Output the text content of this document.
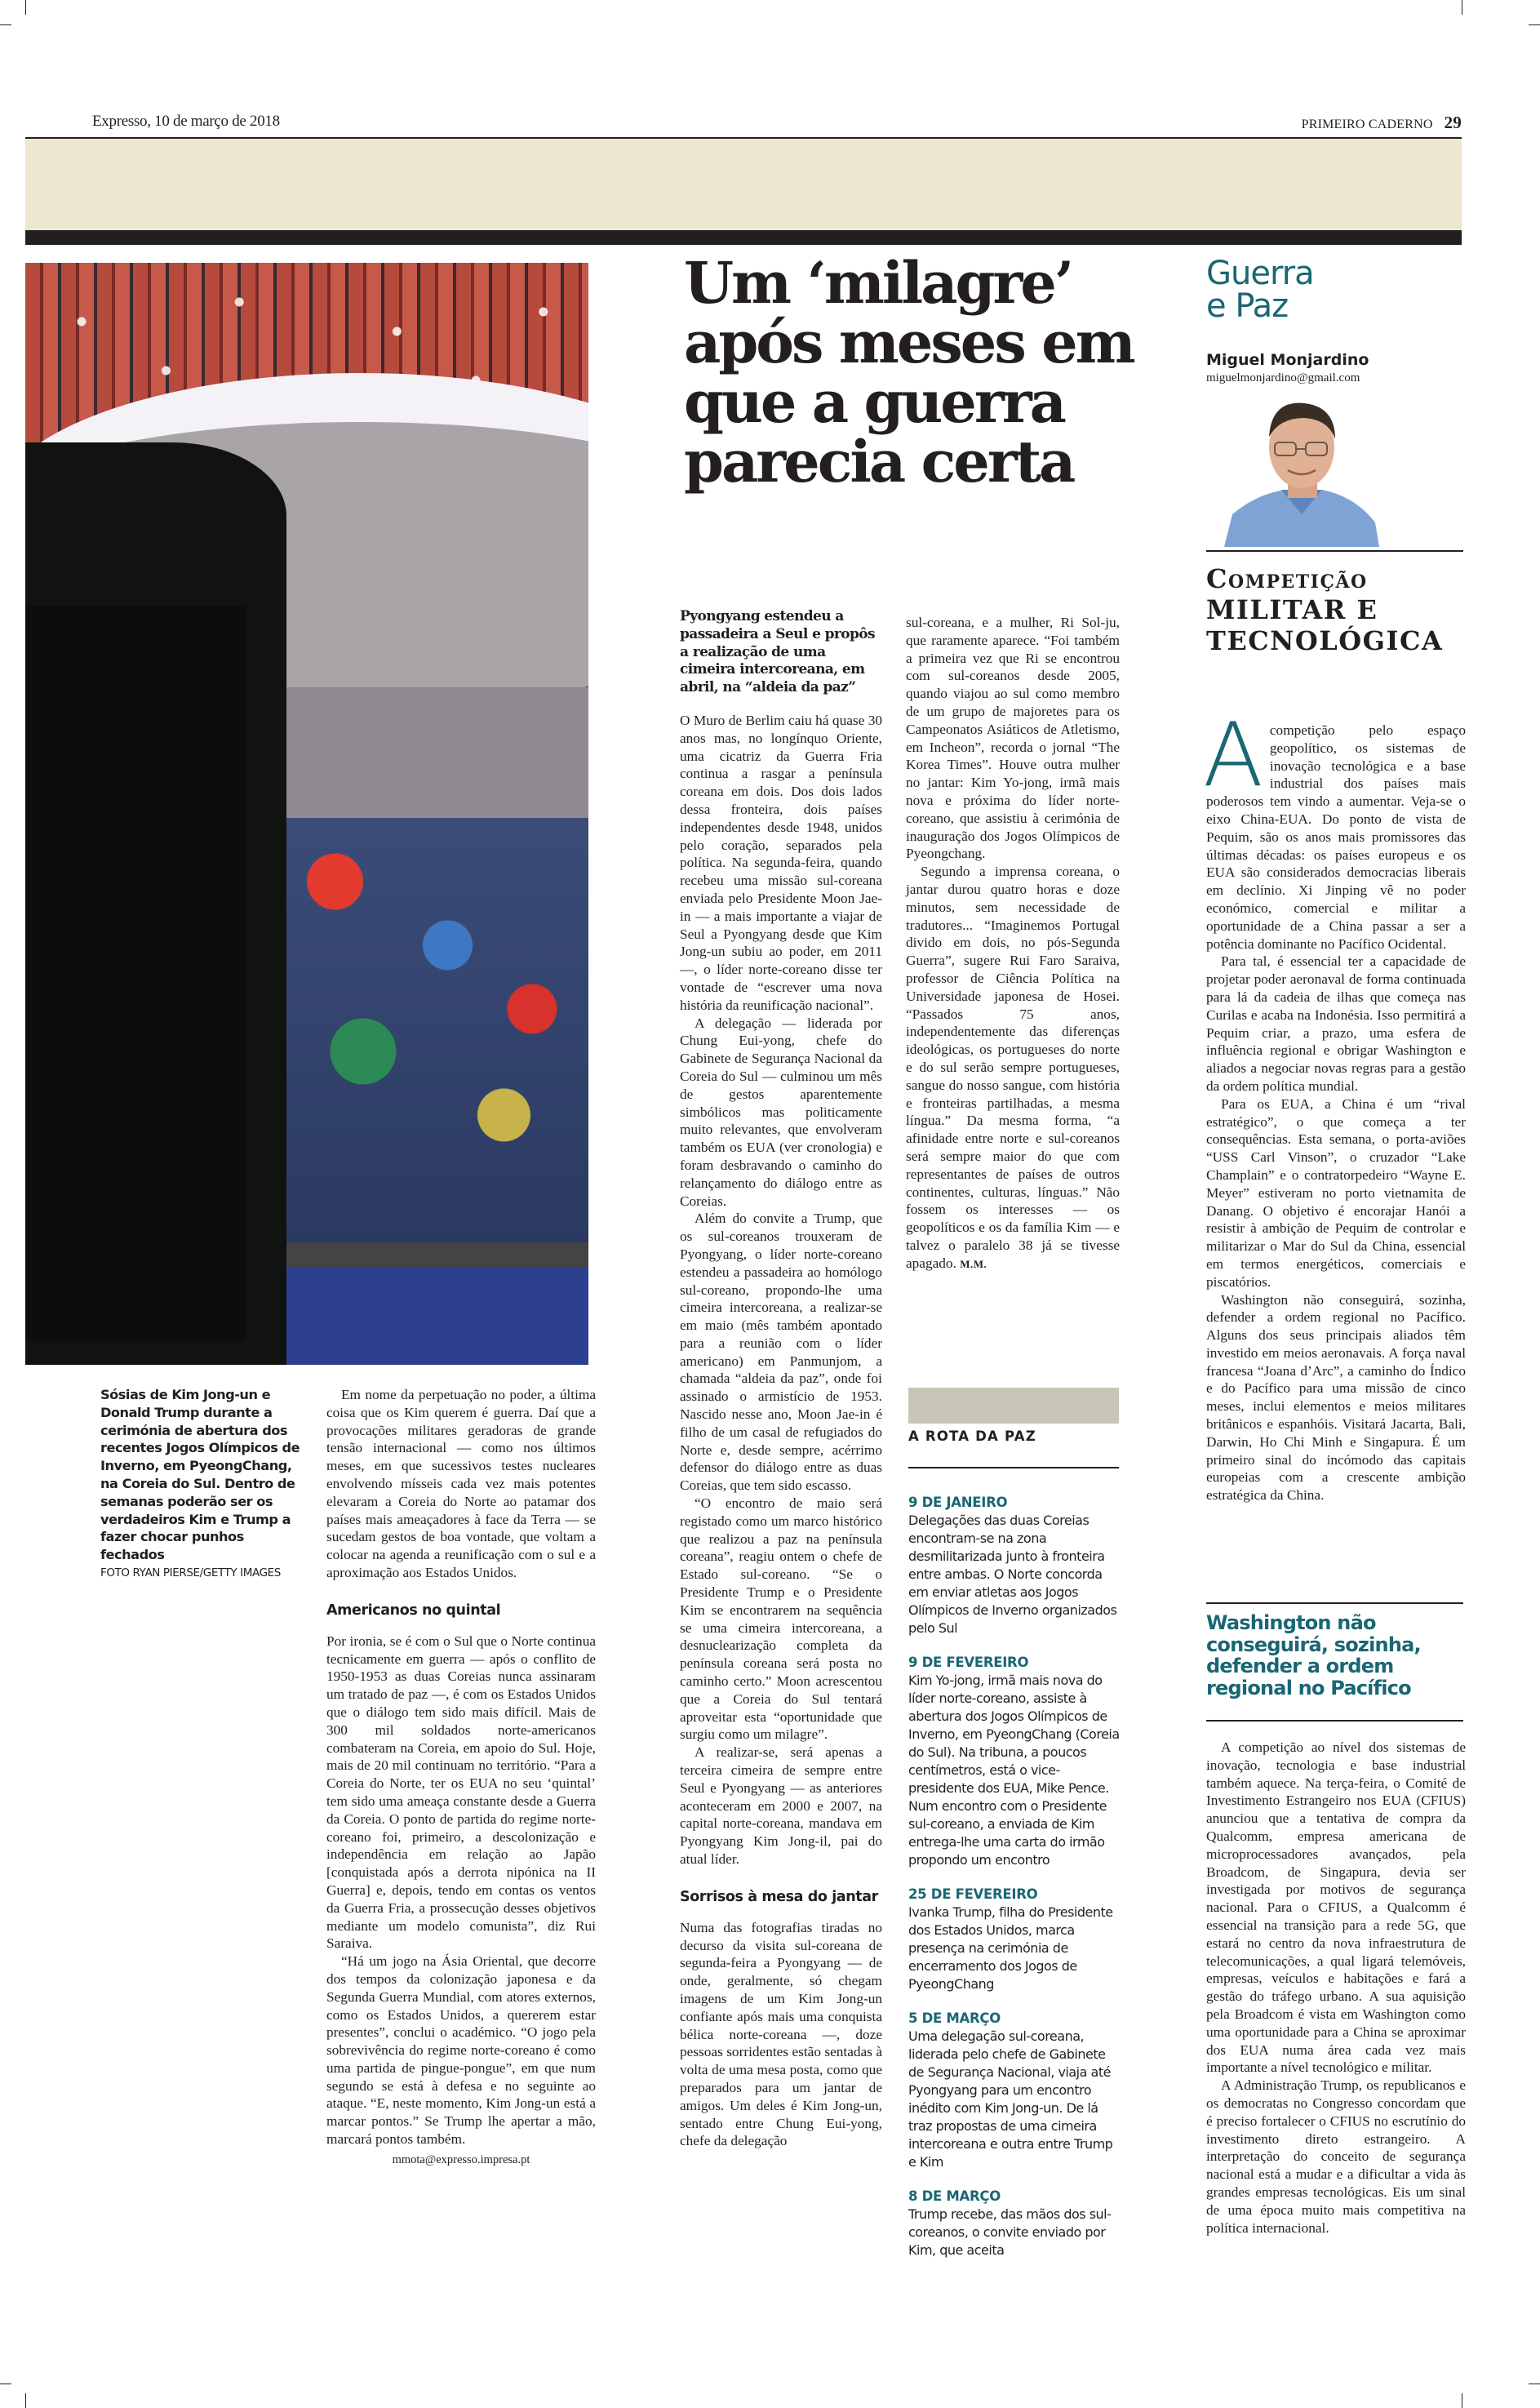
Expresso, 10 de março de 2018	PRIMEIRO CADERNO 29
Sósias de Kim Jong-un e Donald Trump durante a cerimónia de abertura dos recentes Jogos Olímpicos de Inverno, em PyeongChang, na Coreia do Sul. Dentro de semanas poderão ser os verdadeiros Kim e Trump a fazer chocar punhos fechados
FOTO RYAN PIERSE/GETTY IMAGES

Em nome da perpetuação no poder, a última coisa que os Kim querem é guerra. Daí que a provocações militares geradoras de grande tensão internacional — como nos últimos meses, em que sucessivos testes nucleares envolvendo mísseis cada vez mais potentes elevaram a Coreia do Norte ao patamar dos países mais ameaçadores à face da Terra — se sucedam gestos de boa vontade, que voltam a colocar na agenda a reunificação com o sul e a aproximação aos Estados Unidos.

Americanos no quintal

Por ironia, se é com o Sul que o Norte continua tecnicamente em guerra — após o conflito de 1950-1953 as duas Coreias nunca assinaram um tratado de paz —, é com os Estados Unidos que o diálogo tem sido mais difícil. Mais de 300 mil soldados norte-americanos combateram na Coreia, em apoio do Sul. Hoje, mais de 20 mil continuam no território. “Para a Coreia do Norte, ter os EUA no seu ‘quintal’ tem sido uma ameaça constante desde a Guerra da Coreia. O ponto de partida do regime norte-coreano foi, primeiro, a descolonização e independência em relação ao Japão [conquistada após a derrota nipónica na II Guerra] e, depois, tendo em contas os ventos da Guerra Fria, a prossecução desses objetivos mediante um modelo comunista”, diz Rui Saraiva.

“Há um jogo na Ásia Oriental, que decorre dos tempos da colonização japonesa e da Segunda Guerra Mundial, com atores externos, como os Estados Unidos, a quererem estar presentes”, conclui o académico. “O jogo pela sobrevivência do regime norte-coreano é como uma partida de pingue-pongue”, em que num segundo se está à defesa e no seguinte ao ataque. “E, neste momento, Kim Jong-un está a marcar pontos.” Se Trump lhe apertar a mão, marcará pontos também.

mmota@expresso.impresa.pt
Um ‘milagre’ após meses em que a guerra parecia certa
Pyongyang estendeu a passadeira a Seul e propôs a realização de uma cimeira intercoreana, em abril, na “aldeia da paz”

O Muro de Berlim caiu há quase 30 anos mas, no longínquo Oriente, uma cicatriz da Guerra Fria continua a rasgar a península coreana em dois. Dos dois lados dessa fronteira, dois países independentes desde 1948, unidos pelo coração, separados pela política. Na segunda-feira, quando recebeu uma missão sul-coreana enviada pelo Presidente Moon Jae-in — a mais importante a viajar de Seul a Pyongyang desde que Kim Jong-un subiu ao poder, em 2011 —, o líder norte-coreano disse ter vontade de “escrever uma nova história da reunificação nacional”.

A delegação — liderada por Chung Eui-yong, chefe do Gabinete de Segurança Nacional da Coreia do Sul — culminou um mês de gestos aparentemente simbólicos mas politicamente muito relevantes, que envolveram também os EUA (ver cronologia) e foram desbravando o caminho do relançamento do diálogo entre as Coreias.

Além do convite a Trump, que os sul-coreanos trouxeram de Pyongyang, o líder norte-coreano estendeu a passadeira ao homólogo sul-coreano, propondo-lhe uma cimeira intercoreana, a realizar-se em maio (mês também apontado para a reunião com o líder americano) em Panmunjom, a chamada “aldeia da paz”, onde foi assinado o armistício de 1953. Nascido nesse ano, Moon Jae-in é filho de um casal de refugiados do Norte e, desde sempre, acérrimo defensor do diálogo entre as duas Coreias, que tem sido escasso.

“O encontro de maio será registado como um marco histórico que realizou a paz na península coreana”, reagiu ontem o chefe de Estado sul-coreano. “Se o Presidente Trump e o Presidente Kim se encontrarem na sequência se uma cimeira intercoreana, a desnuclearização completa da península coreana será posta no caminho certo.” Moon acrescentou que a Coreia do Sul tentará aproveitar esta “oportunidade que surgiu como um milagre”.

A realizar-se, será apenas a terceira cimeira de sempre entre Seul e Pyongyang — as anteriores aconteceram em 2000 e 2007, na capital norte-coreana, mandava em Pyongyang Kim Jong-il, pai do atual líder.

Sorrisos à mesa do jantar

Numa das fotografias tiradas no decurso da visita sul-coreana de segunda-feira a Pyongyang — de onde, geralmente, só chegam imagens de um Kim Jong-un confiante após mais uma conquista bélica norte-coreana —, doze pessoas sorridentes estão sentadas à volta de uma mesa posta, como que preparados para um jantar de amigos. Um deles é Kim Jong-un, sentado entre Chung Eui-yong, chefe da delegação

sul-coreana, e a mulher, Ri Sol-ju, que raramente aparece. “Foi também a primeira vez que Ri se encontrou com sul-coreanos desde 2005, quando viajou ao sul como membro de um grupo de majoretes para os Campeonatos Asiáticos de Atletismo, em Incheon”, recorda o jornal “The Korea Times”. Houve outra mulher no jantar: Kim Yo-jong, irmã mais nova e próxima do líder norte-coreano, que assistiu à cerimónia de inauguração dos Jogos Olímpicos de Pyeongchang.

Segundo a imprensa coreana, o jantar durou quatro horas e doze minutos, sem necessidade de tradutores... “Imaginemos Portugal divido em dois, no pós-Segunda Guerra”, sugere Rui Faro Saraiva, professor de Ciência Política na Universidade japonesa de Hosei. “Passados 75 anos, independentemente das diferenças ideológicas, os portugueses do norte e do sul serão sempre portugueses, sangue do nosso sangue, com história e fronteiras partilhadas, a mesma língua.” Da mesma forma, “a afinidade entre norte e sul-coreanos será sempre maior do que com representantes de países de outros continentes, culturas, línguas.” Não fossem os interesses — os geopolíticos e os da família Kim — e talvez o paralelo 38 já se tivesse apagado. M.M.

A ROTA DA PAZ
9 DE JANEIRO
Delegações das duas Coreias encontram-se na zona desmilitarizada junto à fronteira entre ambas. O Norte concorda em enviar atletas aos Jogos Olímpicos de Inverno organizados pelo Sul
9 DE FEVEREIRO
Kim Yo-jong, irmã mais nova do líder norte-coreano, assiste à abertura dos Jogos Olímpicos de Inverno, em PyeongChang (Coreia do Sul). Na tribuna, a poucos centímetros, está o vice-presidente dos EUA, Mike Pence. Num encontro com o Presidente sul-coreano, a enviada de Kim entrega-lhe uma carta do irmão propondo um encontro
25 DE FEVEREIRO
Ivanka Trump, filha do Presidente dos Estados Unidos, marca presença na cerimónia de encerramento dos Jogos de PyeongChang
5 DE MARÇO
Uma delegação sul-coreana, liderada pelo chefe de Gabinete de Segurança Nacional, viaja até Pyongyang para um encontro inédito com Kim Jong-un. De lá traz propostas de uma cimeira intercoreana e outra entre Trump e Kim
8 DE MARÇO
Trump recebe, das mãos dos sul-coreanos, o convite enviado por Kim, que aceita
Guerra
e Paz
Miguel Monjardino
miguelmonjardino@gmail.com
Competição
MILITAR E
TECNOLÓGICA

Acompetição pelo espaço geopolítico, os sistemas de inovação tecnológica e a base industrial dos países mais poderosos tem vindo a aumentar. Veja-se o eixo China-EUA. Do ponto de vista de Pequim, são os anos mais promissores das últimas décadas: os países europeus e os EUA são considerados democracias liberais em declínio. Xi Jinping vê no poder económico, comercial e militar a oportunidade de a China passar a ser a potência dominante no Pacífico Ocidental.

Para tal, é essencial ter a capacidade de projetar poder aeronaval de forma continuada para lá da cadeia de ilhas que começa nas Curilas e acaba na Indonésia. Isso permitirá a Pequim criar, a prazo, uma esfera de influência regional e obrigar Washington e aliados a negociar novas regras para a gestão da ordem política mundial.

Para os EUA, a China é um “rival estratégico”, o que começa a ter consequências. Esta semana, o porta-aviões “USS Carl Vinson”, o cruzador “Lake Champlain” e o contratorpedeiro “Wayne E. Meyer” estiveram no porto vietnamita de Danang. O objetivo é encorajar Hanói a resistir à ambição de Pequim de controlar e militarizar o Mar do Sul da China, essencial em termos energéticos, comerciais e piscatórios.

Washington não conseguirá, sozinha, defender a ordem regional no Pacífico. Alguns dos seus principais aliados têm investido em meios aeronavais. A força naval francesa “Joana d’Arc”, a caminho do Índico e do Pacífico para uma missão de cinco meses, inclui elementos e meios militares britânicos e espanhóis. Visitará Jacarta, Bali, Darwin, Ho Chi Minh e Singapura. É um primeiro sinal do incómodo das capitais europeias com a crescente ambição estratégica da China.

Washington não conseguirá, sozinha, defender a ordem regional no Pacífico

A competição ao nível dos sistemas de inovação, tecnologia e base industrial também aquece. Na terça-feira, o Comité de Investimento Estrangeiro nos EUA (CFIUS) anunciou que a tentativa de compra da Qualcomm, empresa americana de microprocessadores avançados, pela Broadcom, de Singapura, devia ser investigada por motivos de segurança nacional. Para o CFIUS, a Qualcomm é essencial na transição para a rede 5G, que estará no centro da nova infraestrutura de telecomunicações, a qual ligará telemóveis, empresas, veículos e habitações e fará a gestão do tráfego urbano. A sua aquisição pela Broadcom é vista em Washington como uma oportunidade para a China se aproximar dos EUA numa área cada vez mais importante a nível tecnológico e militar.

A Administração Trump, os republicanos e os democratas no Congresso concordam que é preciso fortalecer o CFIUS no escrutínio do investimento direto estrangeiro. A interpretação do conceito de segurança nacional está a mudar e a dificultar a vida às grandes empresas tecnológicas. Eis um sinal de uma época muito mais competitiva na política internacional.
